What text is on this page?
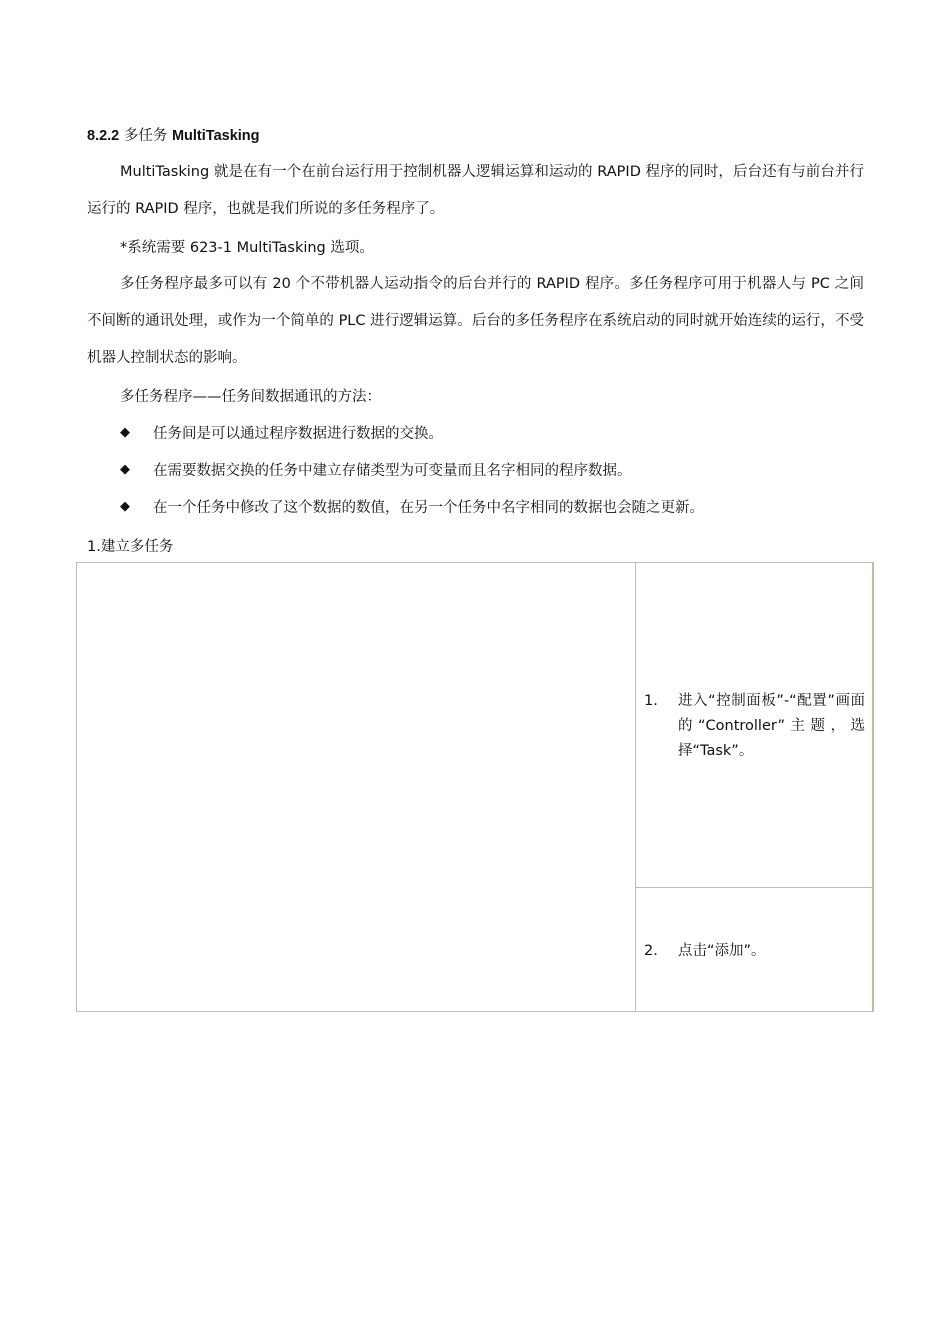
8.2.2 多任务 MultiTasking
MultiTasking 就是在有一个在前台运行用于控制机器人逻辑运算和运动的 RAPID 程序的同时，后台还有与前台并行运行的 RAPID 程序，也就是我们所说的多任务程序了。
*系统需要 623-1 MultiTasking 选项。
多任务程序最多可以有 20 个不带机器人运动指令的后台并行的 RAPID 程序。多任务程序可用于机器人与 PC 之间不间断的通讯处理，或作为一个简单的 PLC 进行逻辑运算。后台的多任务程序在系统启动的同时就开始连续的运行，不受机器人控制状态的影响。
多任务程序——任务间数据通讯的方法：
◆	任务间是可以通过程序数据进行数据的交换。
◆	在需要数据交换的任务中建立存储类型为可变量而且名字相同的程序数据。
◆	在一个任务中修改了这个数据的数值，在另一个任务中名字相同的数据也会随之更新。
1.建立多任务
1. 进入“控制面板”-“配置”画面的“Controller”主题，选择“Task”。
2. 点击“添加”。
